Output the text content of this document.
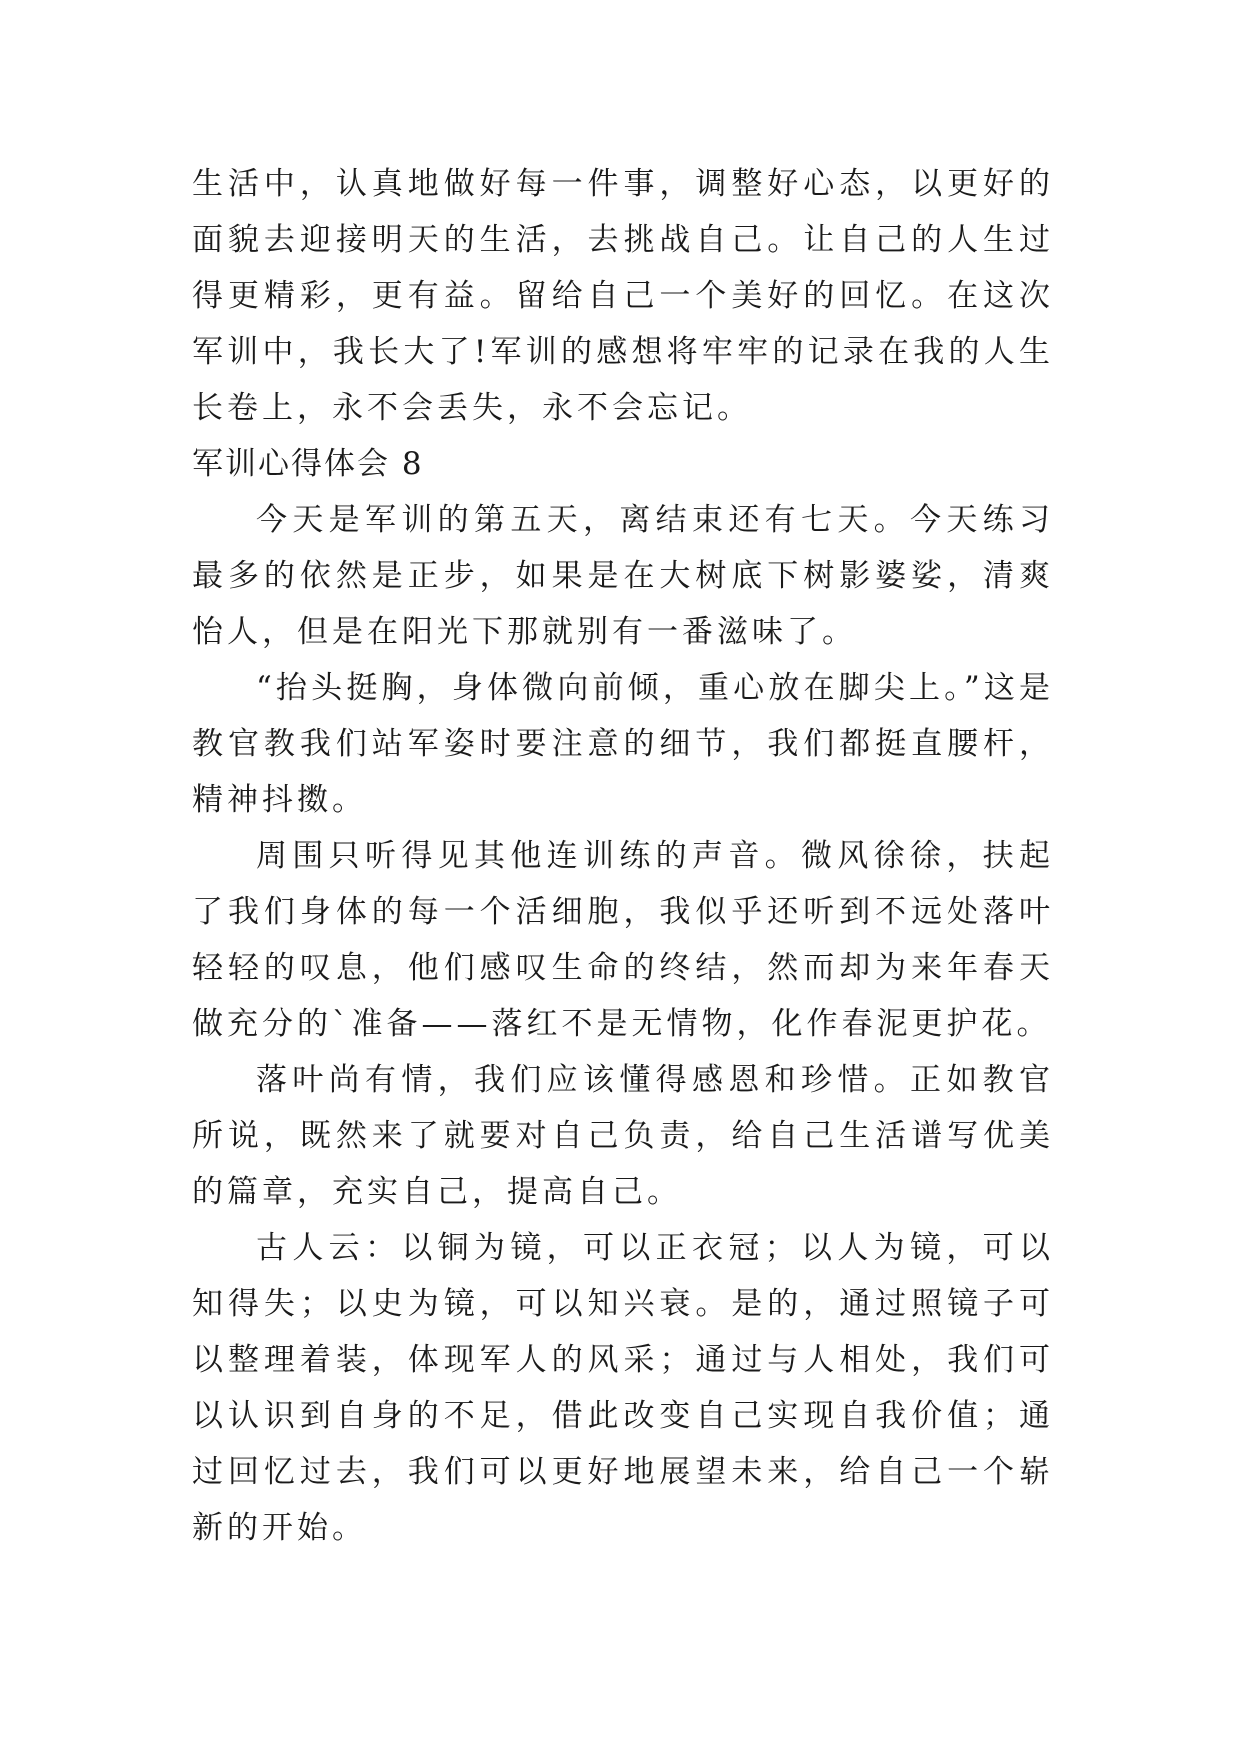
生活中，认真地做好每一件事，调整好心态，以更好的面貌去迎接明天的生活，去挑战自己。让自己的人生过得更精彩，更有益。留给自己一个美好的回忆。在这次军训中，我长大了!军训的感想将牢牢的记录在我的人生长卷上，永不会丢失，永不会忘记。

军训心得体会 8

今天是军训的第五天，离结束还有七天。今天练习最多的依然是正步，如果是在大树底下树影婆娑，清爽怡人，但是在阳光下那就别有一番滋味了。

“抬头挺胸，身体微向前倾，重心放在脚尖上。”这是教官教我们站军姿时要注意的细节，我们都挺直腰杆，精神抖擞。

周围只听得见其他连训练的声音。微风徐徐，扶起了我们身体的每一个活细胞，我似乎还听到不远处落叶轻轻的叹息，他们感叹生命的终结，然而却为来年春天做充分的`准备——落红不是无情物，化作春泥更护花。

落叶尚有情，我们应该懂得感恩和珍惜。正如教官所说，既然来了就要对自己负责，给自己生活谱写优美的篇章，充实自己，提高自己。

古人云：以铜为镜，可以正衣冠；以人为镜，可以知得失；以史为镜，可以知兴衰。是的，通过照镜子可以整理着装，体现军人的风采；通过与人相处，我们可以认识到自身的不足，借此改变自己实现自我价值；通过回忆过去，我们可以更好地展望未来，给自己一个崭新的开始。
